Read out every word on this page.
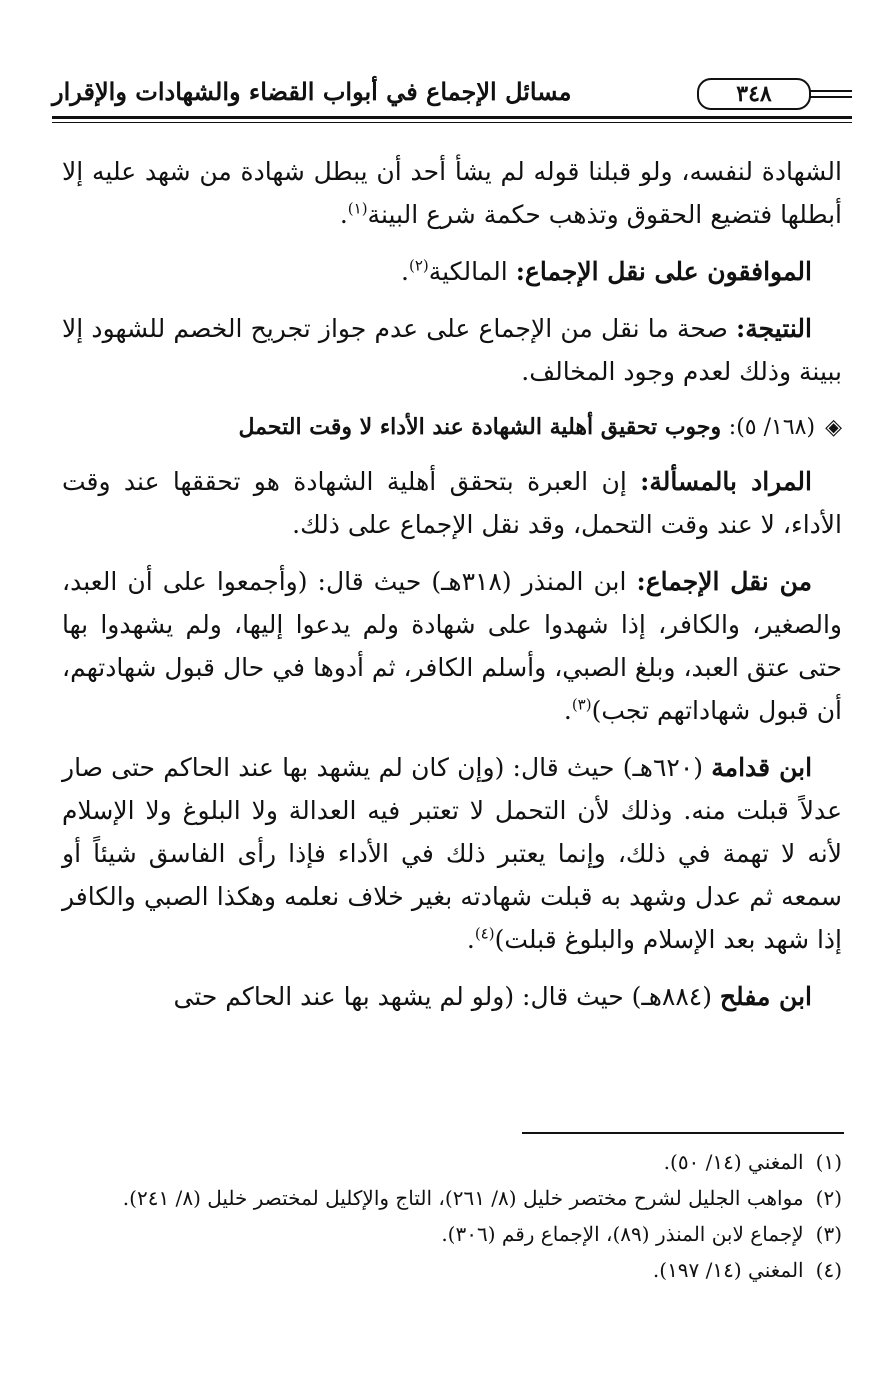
مسائل الإجماع في أبواب القضاء والشهادات والإقرار	٣٤٨

الشهادة لنفسه، ولو قبلنا قوله لم يشأ أحد أن يبطل شهادة من شهد عليه إلا أبطلها فتضيع الحقوق وتذهب حكمة شرع البينة$^{(١)}$.

الموافقون على نقل الإجماع: المالكية$^{(٢)}$.

النتيجة: صحة ما نقل من الإجماع على عدم جواز تجريح الخصم للشهود إلا ببينة وذلك لعدم وجود المخالف.

◈(١٦٨/ ٥): وجوب تحقيق أهلية الشهادة عند الأداء لا وقت التحمل

المراد بالمسألة: إن العبرة بتحقق أهلية الشهادة هو تحققها عند وقت الأداء، لا عند وقت التحمل، وقد نقل الإجماع على ذلك.

من نقل الإجماع: ابن المنذر (٣١٨هـ) حيث قال: (وأجمعوا على أن العبد، والصغير، والكافر، إذا شهدوا على شهادة ولم يدعوا إليها، ولم يشهدوا بها حتى عتق العبد، وبلغ الصبي، وأسلم الكافر، ثم أدوها في حال قبول شهادتهم، أن قبول شهاداتهم تجب)$^{(٣)}$.

ابن قدامة (٦٢٠هـ) حيث قال: (وإن كان لم يشهد بها عند الحاكم حتى صار عدلاً قبلت منه. وذلك لأن التحمل لا تعتبر فيه العدالة ولا البلوغ ولا الإسلام لأنه لا تهمة في ذلك، وإنما يعتبر ذلك في الأداء فإذا رأى الفاسق شيئاً أو سمعه ثم عدل وشهد به قبلت شهادته بغير خلاف نعلمه وهكذا الصبي والكافر إذا شهد بعد الإسلام والبلوغ قبلت)$^{(٤)}$.

ابن مفلح (٨٨٤هـ) حيث قال: (ولو لم يشهد بها عند الحاكم حتى

(١)المغني (١٤/ ٥٠).

(٢)مواهب الجليل لشرح مختصر خليل (٨/ ٢٦١)، التاج والإكليل لمختصر خليل (٨/ ٢٤١).

(٣)لإجماع لابن المنذر (٨٩)، الإجماع رقم (٣٠٦).

(٤)المغني (١٤/ ١٩٧).
